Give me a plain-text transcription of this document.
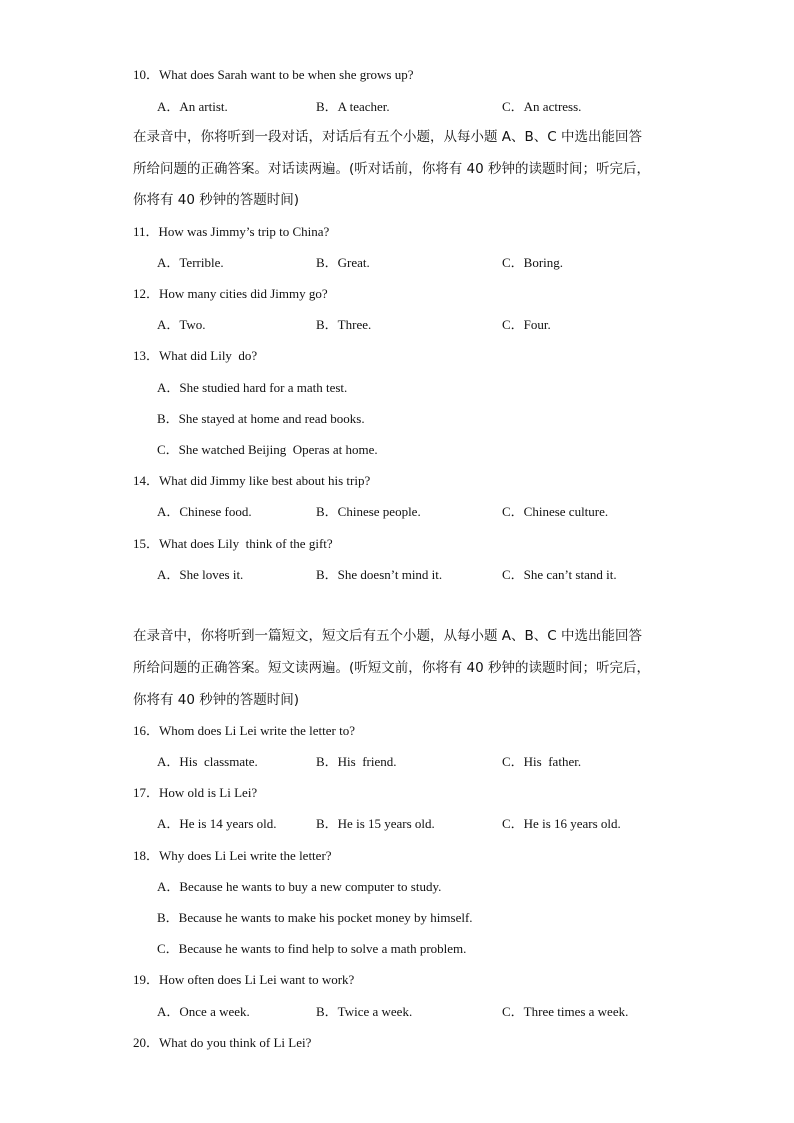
10．What does Sarah want to be when she grows up?
A．An artist.	B．A teacher.	C．An actress.
在录音中，你将听到一段对话，对话后有五个小题，从每小题 A、B、C 中选出能回答
所给问题的正确答案。对话读两遍。(听对话前，你将有 40 秒钟的读题时间；听完后，
你将有 40 秒钟的答题时间)
11．How was Jimmy’s trip to China?
A．Terrible.	B．Great.	C．Boring.
12．How many cities did Jimmy go?
A．Two.	B．Three.	C．Four.
13．What did Lily  do?
A．She studied hard for a math test.
B．She stayed at home and read books.
C．She watched Beijing  Operas at home.
14．What did Jimmy like best about his trip?
A．Chinese food.	B．Chinese people.	C．Chinese culture.
15．What does Lily  think of the gift?
A．She loves it.	B．She doesn’t mind it.	C．She can’t stand it.
在录音中，你将听到一篇短文，短文后有五个小题，从每小题 A、B、C 中选出能回答
所给问题的正确答案。短文读两遍。(听短文前，你将有 40 秒钟的读题时间；听完后，
你将有 40 秒钟的答题时间)
16．Whom does Li Lei write the letter to?
A．His  classmate.	B．His  friend.	C．His  father.
17．How old is Li Lei?
A．He is 14 years old.	B．He is 15 years old.	C．He is 16 years old.
18．Why does Li Lei write the letter?
A．Because he wants to buy a new computer to study.
B．Because he wants to make his pocket money by himself.
C．Because he wants to find help to solve a math problem.
19．How often does Li Lei want to work?
A．Once a week.	B．Twice a week.	C．Three times a week.
20．What do you think of Li Lei?
